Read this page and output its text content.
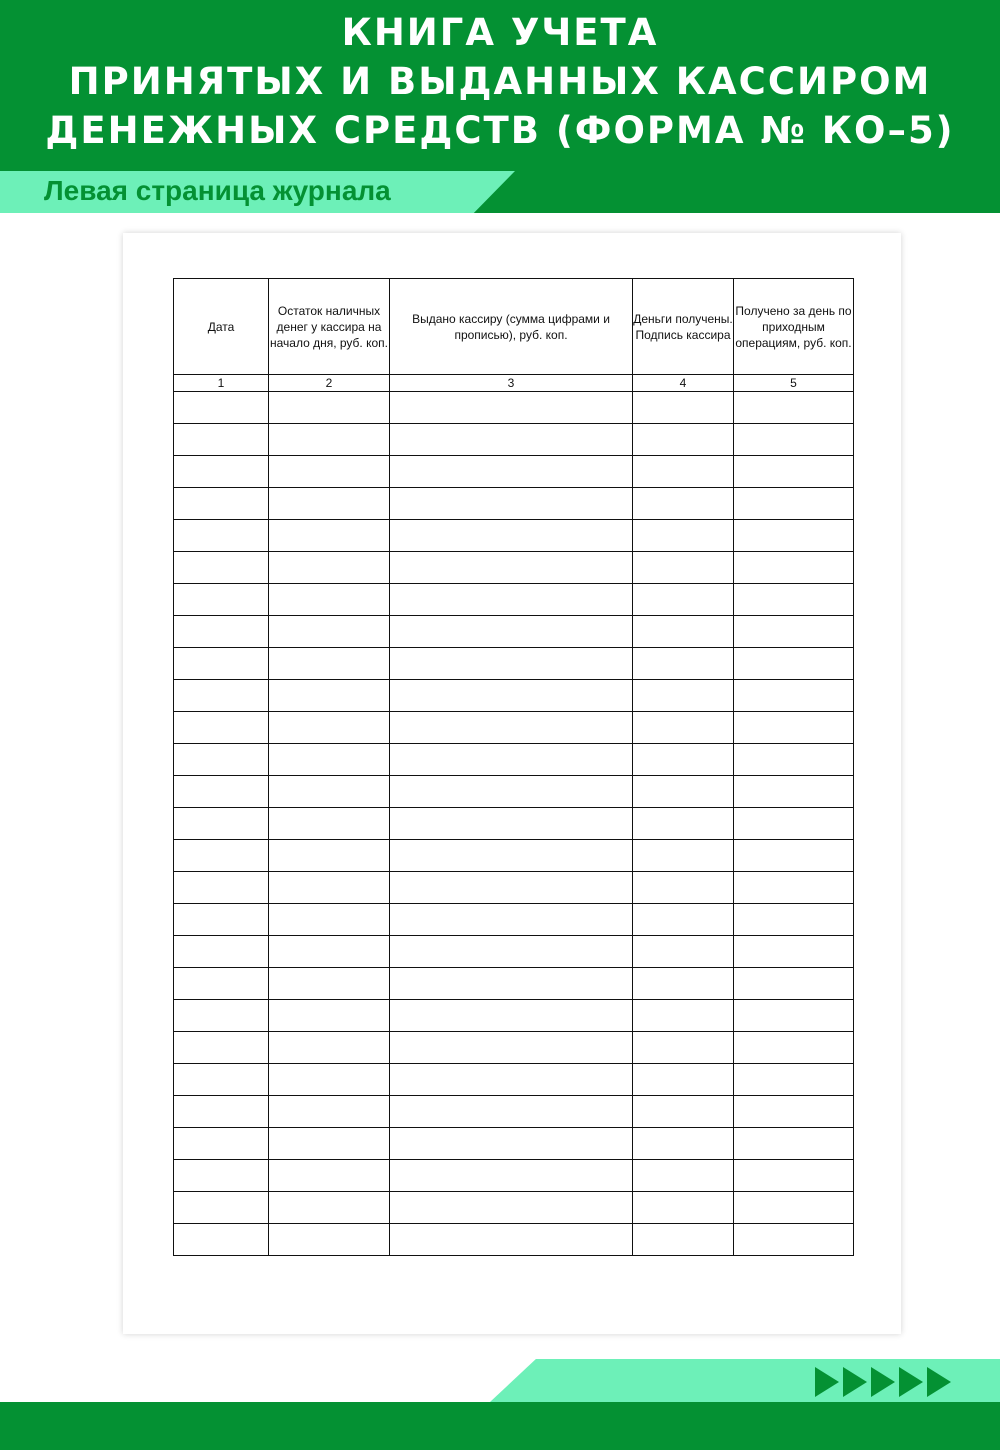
КНИГА УЧЕТА
ПРИНЯТЫХ И ВЫДАННЫХ КАССИРОМ
ДЕНЕЖНЫХ СРЕДСТВ (ФОРМА № КО–5)
Левая страница журнала
Дата	Остаток наличных денег у кассира на начало дня, руб. коп.	Выдано кассиру (сумма цифрами и прописью), руб. коп.	Деньги получены. Подпись кассира	Получено за день по приходным операциям, руб. коп.
1	2	3	4	5
